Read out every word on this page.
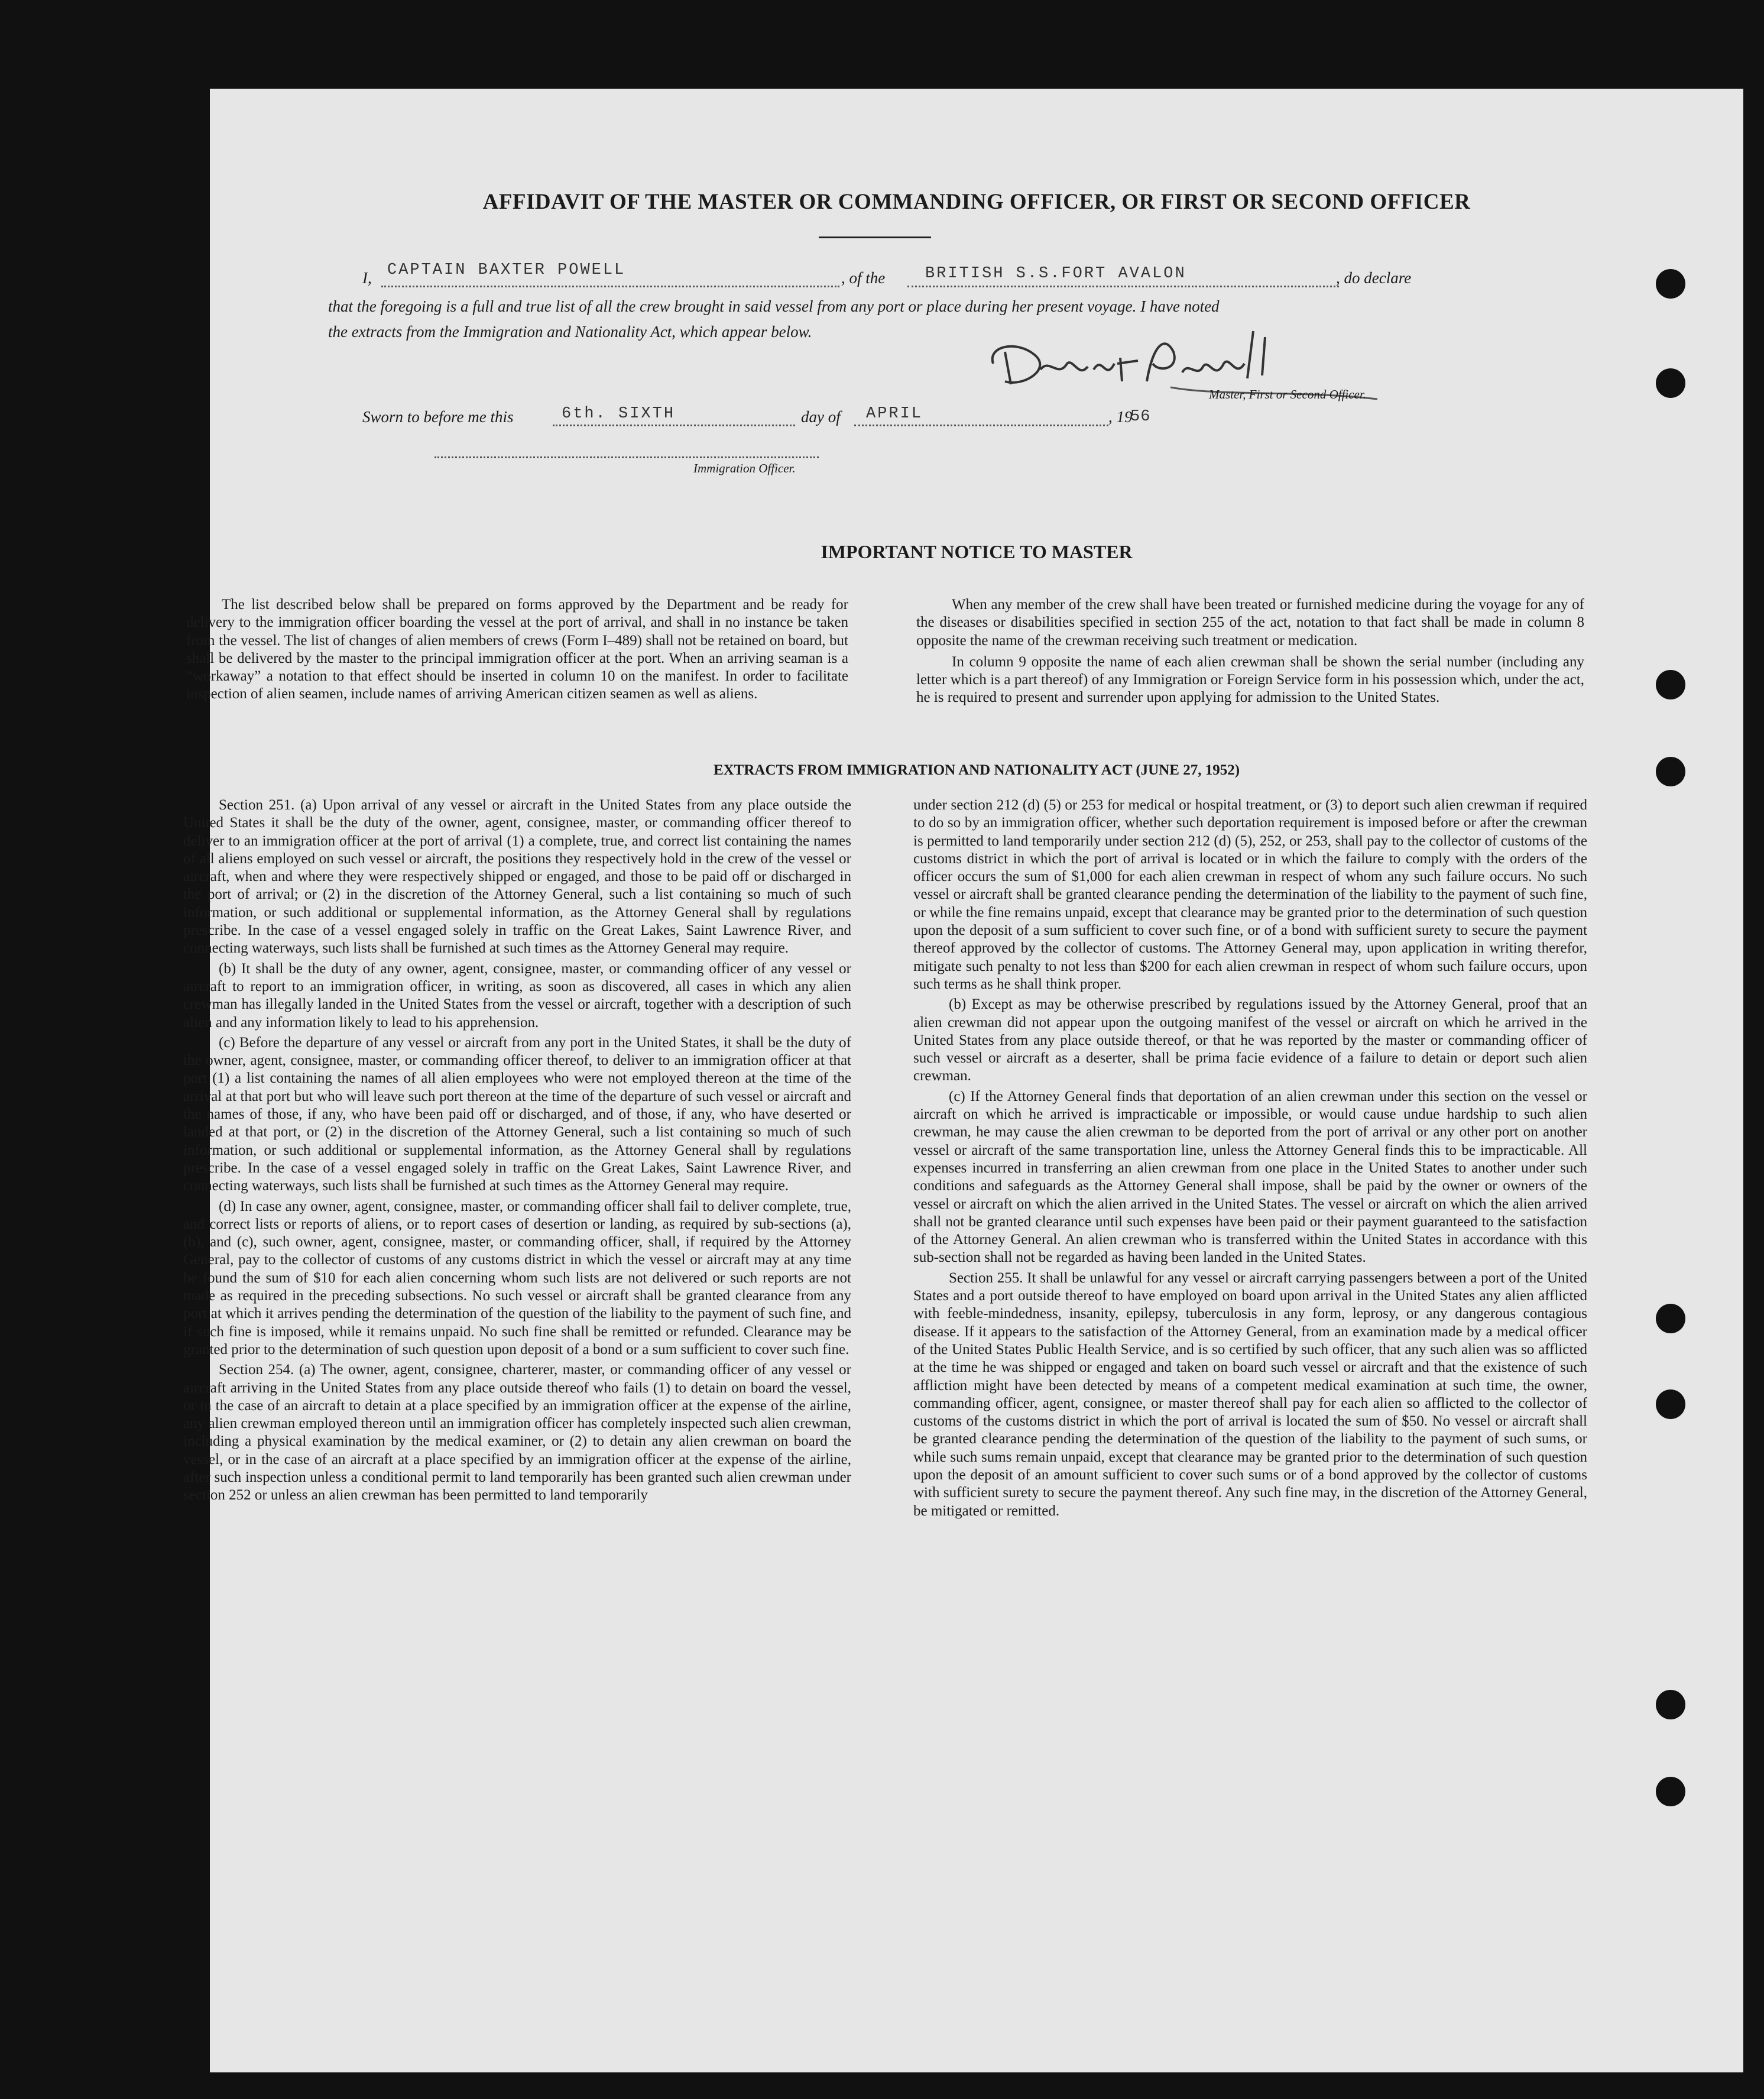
AFFIDAVIT OF THE MASTER OR COMMANDING OFFICER, OR FIRST OR SECOND OFFICER
I, CAPTAIN BAXTER POWELL	, of the	BRITISH S.S.FORT AVALON	, do declare
that the foregoing is a full and true list of all the crew brought in said vessel from any port or place during her present voyage. I have noted
the extracts from the Immigration and Nationality Act, which appear below.
Master, First or Second Officer.
Sworn to before me this	6th. SIXTH	day of APRIL	, 19
56
Immigration Officer.
IMPORTANT NOTICE TO MASTER

The list described below shall be prepared on forms approved by the Department and be ready for delivery to the immigration officer boarding the vessel at the port of arrival, and shall in no instance be taken from the vessel. The list of changes of alien members of crews (Form I–489) shall not be retained on board, but shall be delivered by the master to the principal immigration officer at the port. When an arriving seaman is a “workaway” a notation to that effect should be inserted in column 10 on the manifest. In order to facilitate inspection of alien seamen, include names of arriving American citizen seamen as well as aliens.

When any member of the crew shall have been treated or furnished medicine during the voyage for any of the diseases or disabilities specified in section 255 of the act, notation to that fact shall be made in column 8 opposite the name of the crewman receiving such treatment or medication.

In column 9 opposite the name of each alien crewman shall be shown the serial number (including any letter which is a part thereof) of any Immigration or Foreign Service form in his possession which, under the act, he is required to present and surrender upon applying for admission to the United States.

EXTRACTS FROM IMMIGRATION AND NATIONALITY ACT (JUNE 27, 1952)

Section 251. (a) Upon arrival of any vessel or aircraft in the United States from any place outside the United States it shall be the duty of the owner, agent, consignee, master, or commanding officer thereof to deliver to an immigration officer at the port of arrival (1) a complete, true, and correct list containing the names of all aliens employed on such vessel or aircraft, the positions they respectively hold in the crew of the vessel or aircraft, when and where they were respectively shipped or engaged, and those to be paid off or discharged in the port of arrival; or (2) in the discretion of the Attorney General, such a list containing so much of such information, or such additional or supplemental information, as the Attorney General shall by regulations prescribe. In the case of a vessel engaged solely in traffic on the Great Lakes, Saint Lawrence River, and connecting waterways, such lists shall be furnished at such times as the Attorney General may require.

(b) It shall be the duty of any owner, agent, consignee, master, or commanding officer of any vessel or aircraft to report to an immigration officer, in writing, as soon as discovered, all cases in which any alien crewman has illegally landed in the United States from the vessel or aircraft, together with a description of such alien and any information likely to lead to his apprehension.

(c) Before the departure of any vessel or aircraft from any port in the United States, it shall be the duty of the owner, agent, consignee, master, or commanding officer thereof, to deliver to an immigration officer at that port (1) a list containing the names of all alien employees who were not employed thereon at the time of the arrival at that port but who will leave such port thereon at the time of the departure of such vessel or aircraft and the names of those, if any, who have been paid off or discharged, and of those, if any, who have deserted or landed at that port, or (2) in the discretion of the Attorney General, such a list containing so much of such information, or such additional or supplemental information, as the Attorney General shall by regulations prescribe. In the case of a vessel engaged solely in traffic on the Great Lakes, Saint Lawrence River, and connecting waterways, such lists shall be furnished at such times as the Attorney General may require.

(d) In case any owner, agent, consignee, master, or commanding officer shall fail to deliver complete, true, and correct lists or reports of aliens, or to report cases of desertion or landing, as required by sub-sections (a), (b), and (c), such owner, agent, consignee, master, or commanding officer, shall, if required by the Attorney General, pay to the collector of customs of any customs district in which the vessel or aircraft may at any time be found the sum of $10 for each alien concerning whom such lists are not delivered or such reports are not made as required in the preceding subsections. No such vessel or aircraft shall be granted clearance from any port at which it arrives pending the determination of the question of the liability to the payment of such fine, and if such fine is imposed, while it remains unpaid. No such fine shall be remitted or refunded. Clearance may be granted prior to the determination of such question upon deposit of a bond or a sum sufficient to cover such fine.

Section 254. (a) The owner, agent, consignee, charterer, master, or commanding officer of any vessel or aircraft arriving in the United States from any place outside thereof who fails (1) to detain on board the vessel, or in the case of an aircraft to detain at a place specified by an immigration officer at the expense of the airline, any alien crewman employed thereon until an immigration officer has completely inspected such alien crewman, including a physical examination by the medical examiner, or (2) to detain any alien crewman on board the vessel, or in the case of an aircraft at a place specified by an immigration officer at the expense of the airline, after such inspection unless a conditional permit to land temporarily has been granted such alien crewman under section 252 or unless an alien crewman has been permitted to land temporarily

under section 212 (d) (5) or 253 for medical or hospital treatment, or (3) to deport such alien crewman if required to do so by an immigration officer, whether such deportation requirement is imposed before or after the crewman is permitted to land temporarily under section 212 (d) (5), 252, or 253, shall pay to the collector of customs of the customs district in which the port of arrival is located or in which the failure to comply with the orders of the officer occurs the sum of $1,000 for each alien crewman in respect of whom any such failure occurs. No such vessel or aircraft shall be granted clearance pending the determination of the liability to the payment of such fine, or while the fine remains unpaid, except that clearance may be granted prior to the determination of such question upon the deposit of a sum sufficient to cover such fine, or of a bond with sufficient surety to secure the payment thereof approved by the collector of customs. The Attorney General may, upon application in writing therefor, mitigate such penalty to not less than $200 for each alien crewman in respect of whom such failure occurs, upon such terms as he shall think proper.

(b) Except as may be otherwise prescribed by regulations issued by the Attorney General, proof that an alien crewman did not appear upon the outgoing manifest of the vessel or aircraft on which he arrived in the United States from any place outside thereof, or that he was reported by the master or commanding officer of such vessel or aircraft as a deserter, shall be prima facie evidence of a failure to detain or deport such alien crewman.

(c) If the Attorney General finds that deportation of an alien crewman under this section on the vessel or aircraft on which he arrived is impracticable or impossible, or would cause undue hardship to such alien crewman, he may cause the alien crewman to be deported from the port of arrival or any other port on another vessel or aircraft of the same transportation line, unless the Attorney General finds this to be impracticable. All expenses incurred in transferring an alien crewman from one place in the United States to another under such conditions and safeguards as the Attorney General shall impose, shall be paid by the owner or owners of the vessel or aircraft on which the alien arrived in the United States. The vessel or aircraft on which the alien arrived shall not be granted clearance until such expenses have been paid or their payment guaranteed to the satisfaction of the Attorney General. An alien crewman who is transferred within the United States in accordance with this sub-section shall not be regarded as having been landed in the United States.

Section 255. It shall be unlawful for any vessel or aircraft carrying passengers between a port of the United States and a port outside thereof to have employed on board upon arrival in the United States any alien afflicted with feeble-mindedness, insanity, epilepsy, tuberculosis in any form, leprosy, or any dangerous contagious disease. If it appears to the satisfaction of the Attorney General, from an examination made by a medical officer of the United States Public Health Service, and is so certified by such officer, that any such alien was so afflicted at the time he was shipped or engaged and taken on board such vessel or aircraft and that the existence of such affliction might have been detected by means of a competent medical examination at such time, the owner, commanding officer, agent, consignee, or master thereof shall pay for each alien so afflicted to the collector of customs of the customs district in which the port of arrival is located the sum of $50. No vessel or aircraft shall be granted clearance pending the determination of the question of the liability to the payment of such sums, or while such sums remain unpaid, except that clearance may be granted prior to the determination of such question upon the deposit of an amount sufficient to cover such sums or of a bond approved by the collector of customs with sufficient surety to secure the payment thereof. Any such fine may, in the discretion of the Attorney General, be mitigated or remitted.
